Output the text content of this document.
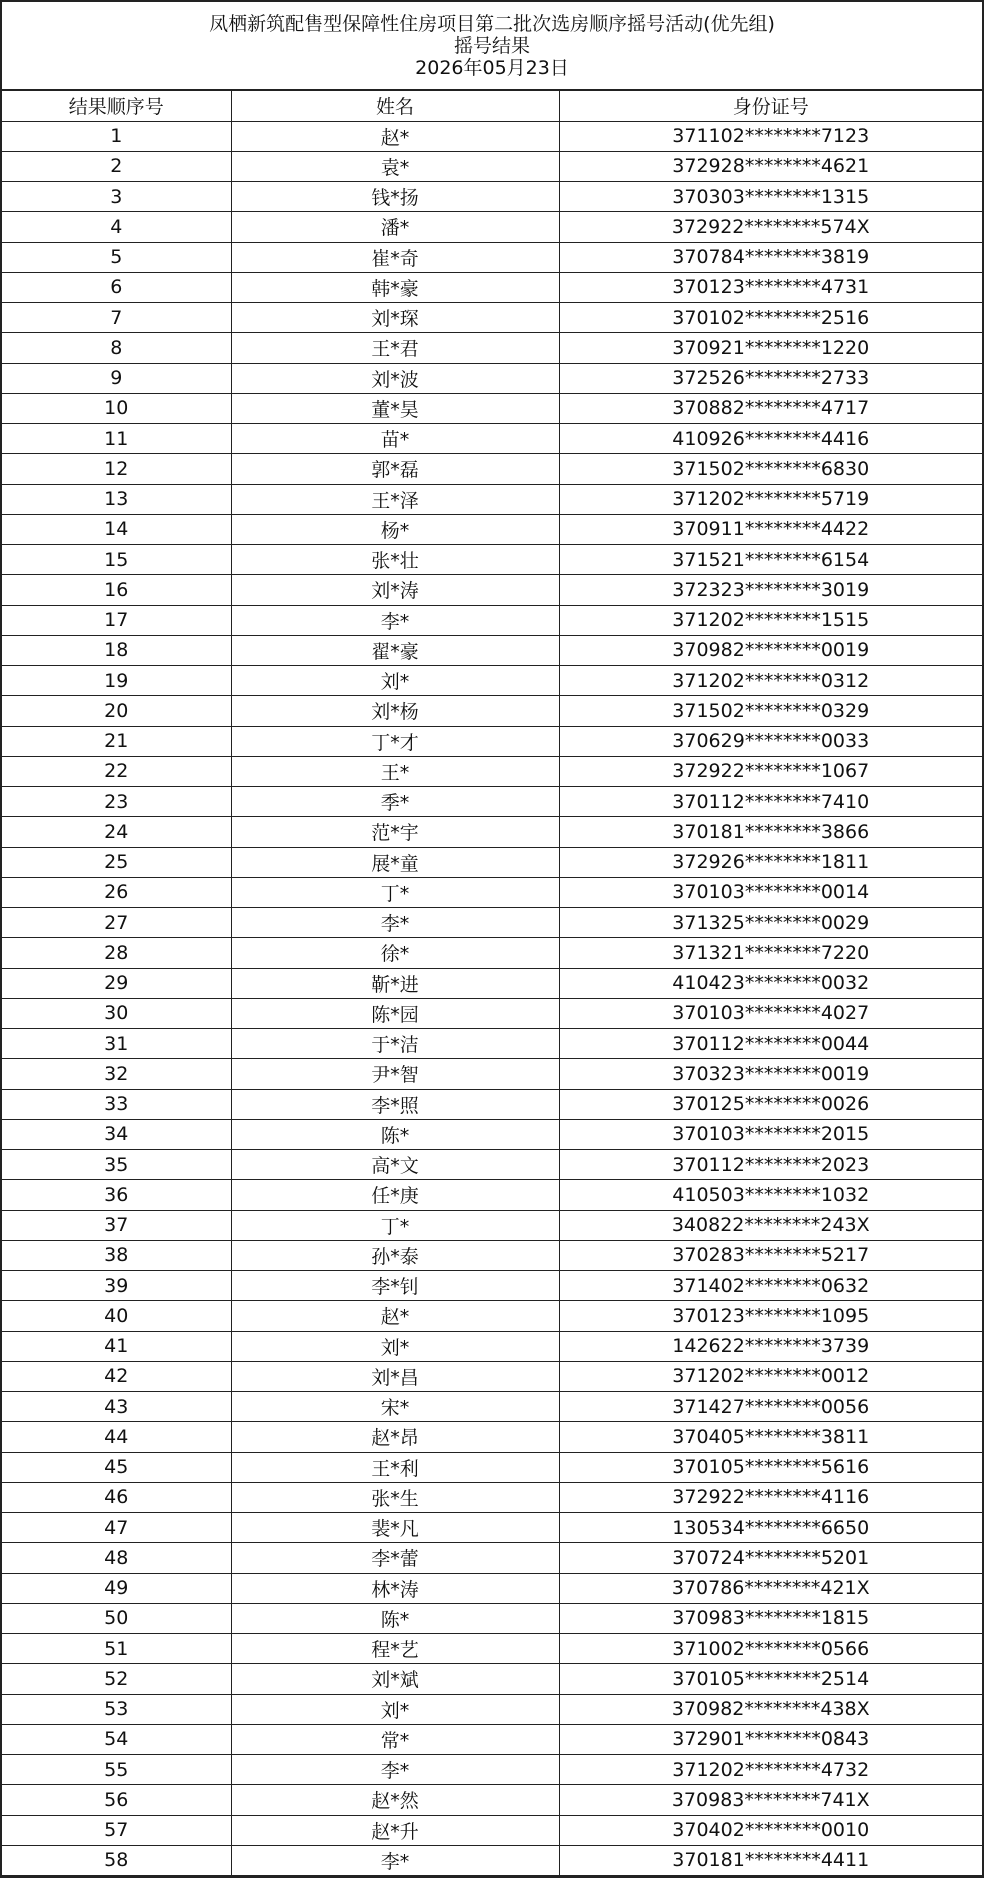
凤栖新筑配售型保障性住房项目第二批次选房顺序摇号活动(优先组)
摇号结果
2026年05月23日
结果顺序号	姓名	身份证号
1	赵*	371102********7123
2	袁*	372928********4621
3	钱*扬	370303********1315
4	潘*	372922********574X
5	崔*奇	370784********3819
6	韩*豪	370123********4731
7	刘*琛	370102********2516
8	王*君	370921********1220
9	刘*波	372526********2733
10	董*昊	370882********4717
11	苗*	410926********4416
12	郭*磊	371502********6830
13	王*泽	371202********5719
14	杨*	370911********4422
15	张*壮	371521********6154
16	刘*涛	372323********3019
17	李*	371202********1515
18	翟*豪	370982********0019
19	刘*	371202********0312
20	刘*杨	371502********0329
21	丁*才	370629********0033
22	王*	372922********1067
23	季*	370112********7410
24	范*宇	370181********3866
25	展*童	372926********1811
26	丁*	370103********0014
27	李*	371325********0029
28	徐*	371321********7220
29	靳*进	410423********0032
30	陈*园	370103********4027
31	于*洁	370112********0044
32	尹*智	370323********0019
33	李*照	370125********0026
34	陈*	370103********2015
35	高*文	370112********2023
36	任*庚	410503********1032
37	丁*	340822********243X
38	孙*泰	370283********5217
39	李*钊	371402********0632
40	赵*	370123********1095
41	刘*	142622********3739
42	刘*昌	371202********0012
43	宋*	371427********0056
44	赵*昂	370405********3811
45	王*利	370105********5616
46	张*生	372922********4116
47	裴*凡	130534********6650
48	李*蕾	370724********5201
49	林*涛	370786********421X
50	陈*	370983********1815
51	程*艺	371002********0566
52	刘*斌	370105********2514
53	刘*	370982********438X
54	常*	372901********0843
55	李*	371202********4732
56	赵*然	370983********741X
57	赵*升	370402********0010
58	李*	370181********4411
